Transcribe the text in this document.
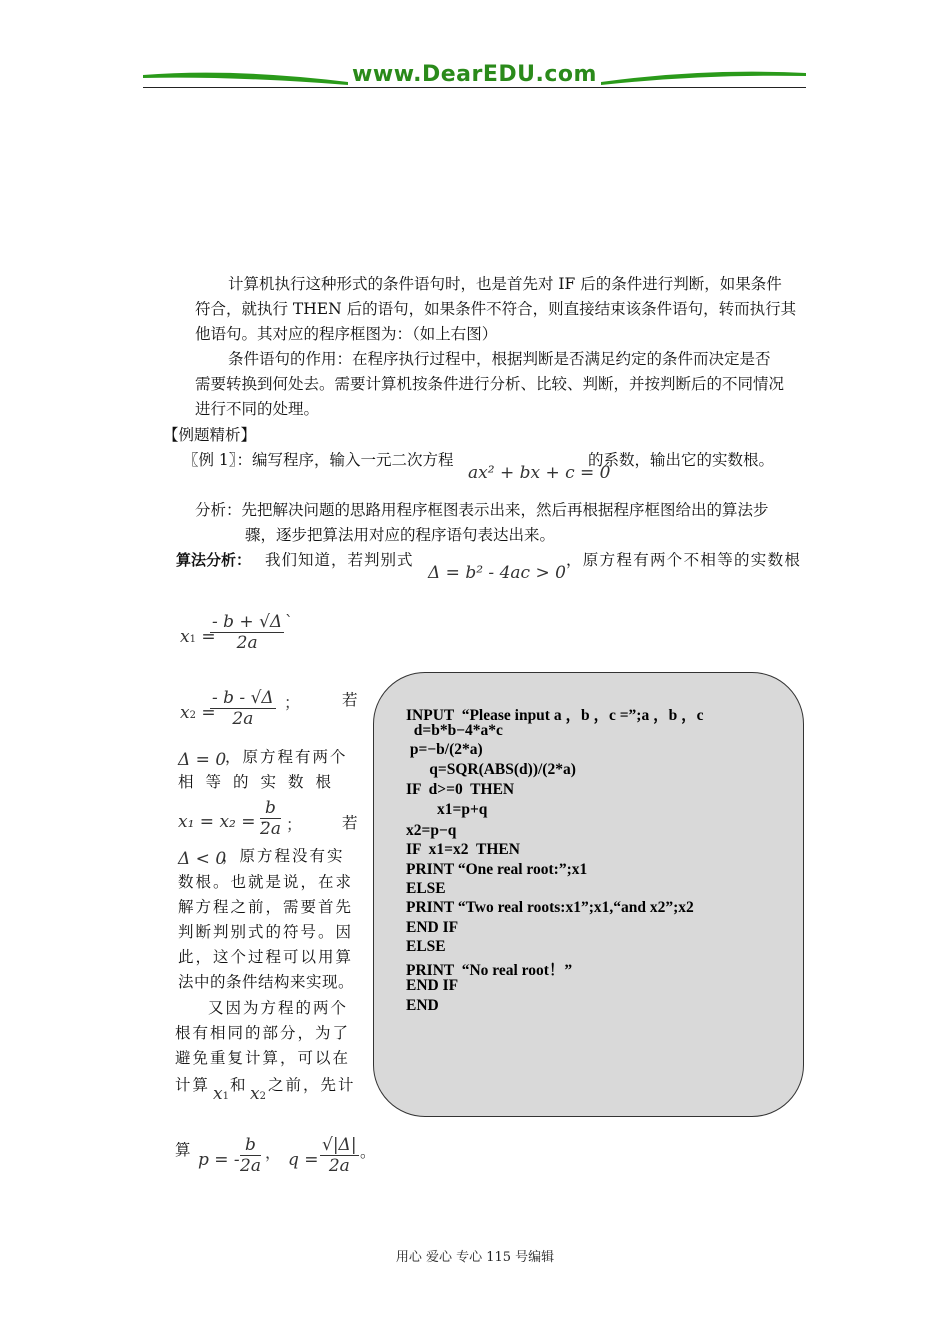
www.DearEDU.com
计算机执行这种形式的条件语句时，也是首先对 IF 后的条件进行判断，如果条件
符合，就执行 THEN 后的语句，如果条件不符合，则直接结束该条件语句，转而执行其
他语句。其对应的程序框图为：（如上右图）
条件语句的作用：在程序执行过程中，根据判断是否满足约定的条件而决定是否
需要转换到何处去。需要计算机按条件进行分析、比较、判断，并按判断后的不同情况
进行不同的处理。
【例题精析】
〖例 1〗：编写程序，输入一元二次方程
ax² + bx + c = 0
的系数，输出它的实数根。
分析：先把解决问题的思路用程序框图表示出来，然后再根据程序框图给出的算法步
骤，逐步把算法用对应的程序语句表达出来。
算法分析： 我们知道，若判别式
Δ = b² - 4ac > 0
，原方程有两个不相等的实数根
x1 =
$\frac{- b + √\Delta}{2a}$ `
x2 =
$\frac{- b - √\Delta}{2a}$ ；	若
Δ = 0
，原方程有两个
相等的实数根
x₁ = x₂ = -
$\frac{b}{2a}$ ；	若
Δ < 0
，原方程没有实
数根。也就是说，在求
解方程之前，需要首先
判断判别式的符号。因
此，这个过程可以用算
法中的条件结构来实现。
又因为方程的两个
根有相同的部分，为了
避免重复计算，可以在
计算 x1
和 x2
之前，先计
算 p = - $\frac{b}{2a}$ ， $q = \frac{√|\Delta|}{2a}$ 。
INPUT  “Please input a ，b ，c =”;a ，b ，c
d=b*b−4*a*c
p=−b/(2*a)
q=SQR(ABS(d))/(2*a)
IF  d>=0  THEN
x1=p+q
x2=p−q
IF  x1=x2  THEN
PRINT “One real root:”;x1
ELSE
PRINT “Two real roots:x1”;x1,“and x2”;x2
END IF
ELSE
PRINT  “No real root！”
END IF
END
用心 爱心 专心 115 号编辑
